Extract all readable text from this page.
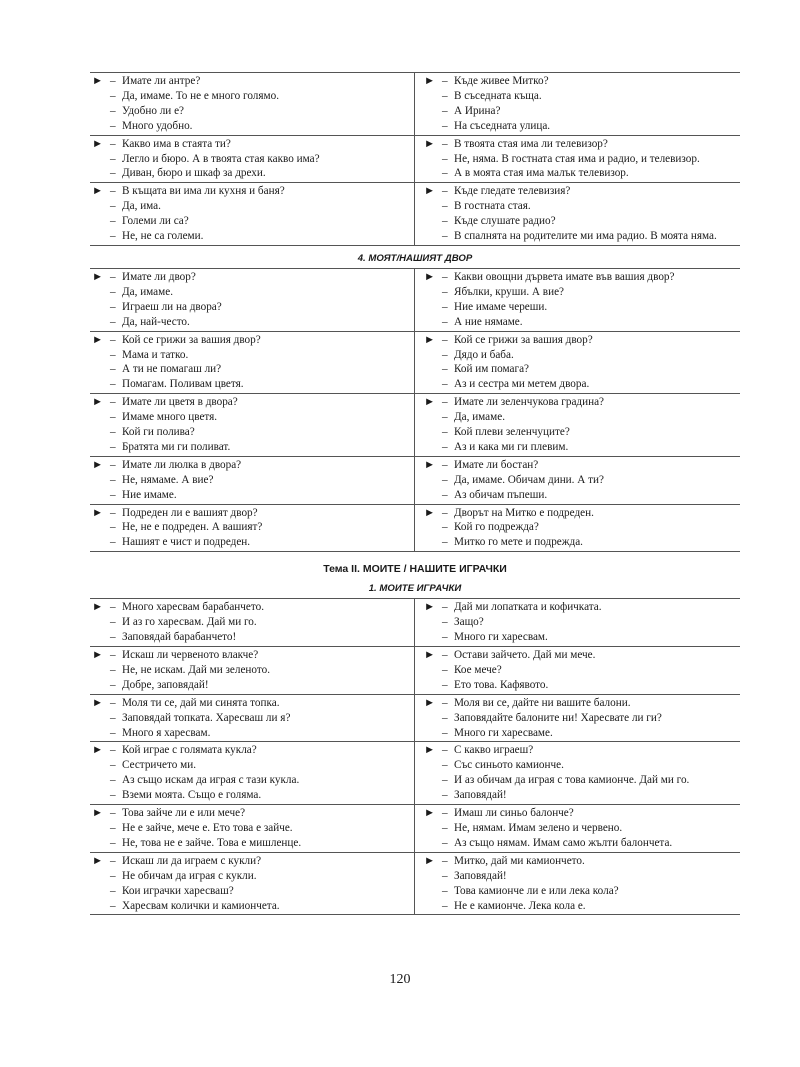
► – Имате ли антре?
– Да, имаме. То не е много голямо.
– Удобно ли е?
– Много удобно.
► – Къде живее Митко?
– В съседната къща.
– А Ирина?
– На съседната улица.
► – Какво има в стаята ти?
– Легло и бюро. А в твоята стая какво има?
– Диван, бюро и шкаф за дрехи.
► – В твоята стая има ли телевизор?
– Не, няма. В гостната стая има и радио, и телевизор.
– А в моята стая има малък телевизор.
► – В къщата ви има ли кухня и баня?
– Да, има.
– Големи ли са?
– Не, не са големи.
► – Къде гледате телевизия?
– В гостната стая.
– Къде слушате радио?
– В спалнята на родителите ми има радио. В моята няма.
4. МОЯТ/НАШИЯТ ДВОР
► – Имате ли двор?
– Да, имаме.
– Играеш ли на двора?
– Да, най-често.
► – Какви овощни дървета имате във вашия двор?
– Ябълки, круши. А вие?
– Ние имаме череши.
– А ние нямаме.
► – Кой се грижи за вашия двор?
– Мама и татко.
– А ти не помагаш ли?
– Помагам. Поливам цветя.
► – Кой се грижи за вашия двор?
– Дядо и баба.
– Кой им помага?
– Аз и сестра ми метем двора.
► – Имате ли цветя в двора?
– Имаме много цветя.
– Кой ги полива?
– Братята ми ги поливат.
► – Имате ли зеленчукова градина?
– Да, имаме.
– Кой плеви зеленчуците?
– Аз и кака ми ги плевим.
► – Имате ли люлка в двора?
– Не, нямаме. А вие?
– Ние имаме.
► – Имате ли бостан?
– Да, имаме. Обичам дини. А ти?
– Аз обичам пъпеши.
► – Подреден ли е вашият двор?
– Не, не е подреден. А вашият?
– Нашият е чист и подреден.
► – Дворът на Митко е подреден.
– Кой го подрежда?
– Митко го мете и подрежда.
Тема II. МОИТЕ / НАШИТЕ ИГРАЧКИ
1. МОИТЕ ИГРАЧКИ
► – Много харесвам барабанчето.
– И аз го харесвам. Дай ми го.
– Заповядай барабанчето!
► – Дай ми лопатката и кофичката.
– Защо?
– Много ги харесвам.
► – Искаш ли червеното влакче?
– Не, не искам. Дай ми зеленото.
– Добре, заповядай!
► – Остави зайчето. Дай ми мече.
– Кое мече?
– Ето това. Кафявото.
► – Моля ти се, дай ми синята топка.
– Заповядай топката. Харесваш ли я?
– Много я харесвам.
► – Моля ви се, дайте ни вашите балони.
– Заповядайте балоните ни! Харесвате ли ги?
– Много ги харесваме.
► – Кой играе с голямата кукла?
– Сестричето ми.
– Аз също искам да играя с тази кукла.
– Вземи моята. Също е голяма.
► – С какво играеш?
– Със синьото камионче.
– И аз обичам да играя с това камионче. Дай ми го.
– Заповядай!
► – Това зайче ли е или мече?
– Не е зайче, мече е. Ето това е зайче.
– Не, това не е зайче. Това е мишленце.
► – Имаш ли синьо балонче?
– Не, нямам. Имам зелено и червено.
– Аз също нямам. Имам само жълти балончета.
► – Искаш ли да играем с кукли?
– Не обичам да играя с кукли.
– Кои играчки харесваш?
– Харесвам колички и камиончета.
► – Митко, дай ми камиончето.
– Заповядай!
– Това камионче ли е или лека кола?
– Не е камионче. Лека кола е.
120
